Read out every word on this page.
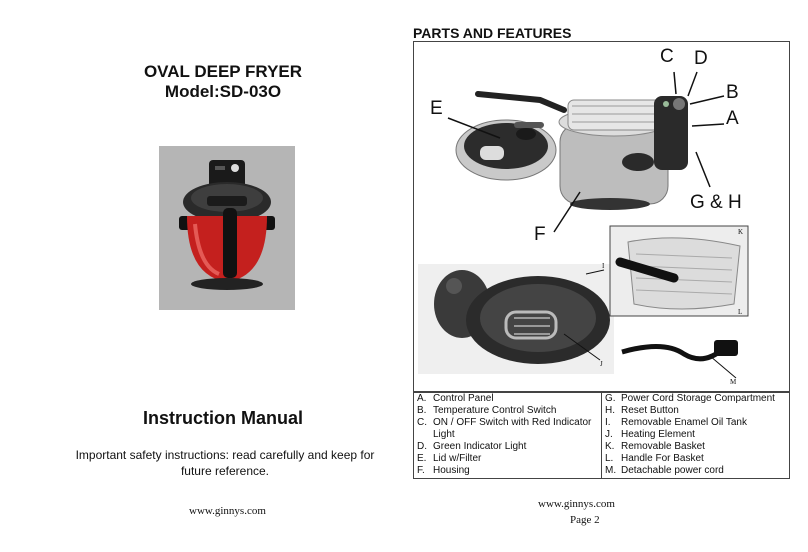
OVAL DEEP FRYER
Model:SD-03O
Instruction Manual
Important safety instructions: read carefully and keep for future reference.
www.ginnys.com
PARTS AND FEATURES
C D
B
A
E
G & H
F
I
J
K
L
M
A. Control Panel
B. Temperature Control Switch
C. ON / OFF Switch with Red Indicator Light
D. Green Indicator Light
E. Lid w/Filter
F. Housing

G. Power Cord Storage Compartment
H. Reset Button
I.	Removable Enamel Oil Tank
J. Heating Element
K. Removable Basket
L. Handle For Basket
M. Detachable power cord
www.ginnys.com
Page 2
